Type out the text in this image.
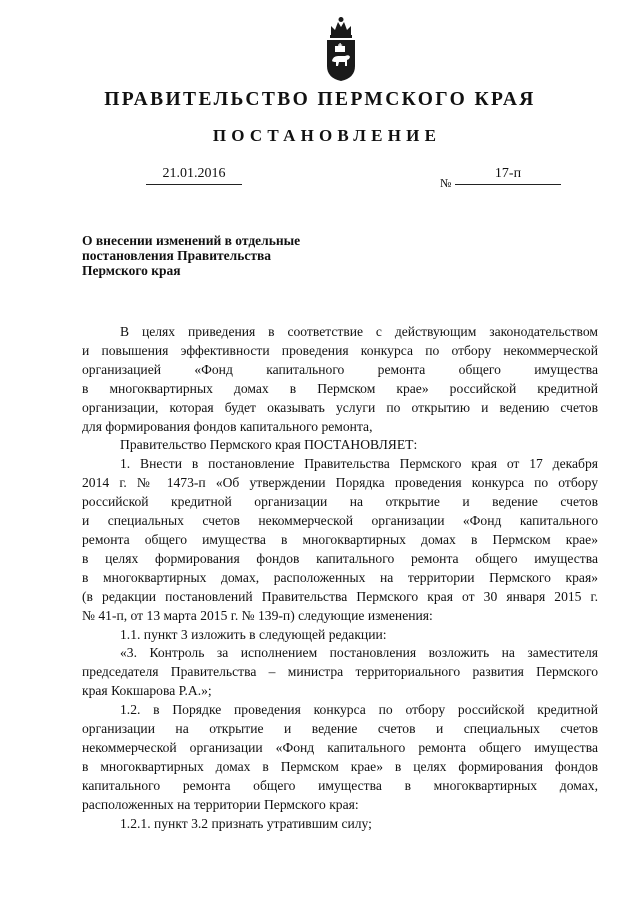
ПРАВИТЕЛЬСТВО ПЕРМСКОГО КРАЯ
ПОСТАНОВЛЕНИЕ
21.01.2016
№
17-п
О внесении изменений в отдельные
постановления Правительства
Пермского края
В целях приведения в соответствие с действующим законодательством
и повышения эффективности проведения конкурса по отбору некоммерческой
организацией «Фонд капитального ремонта общего имущества
в многоквартирных домах в Пермском крае» российской кредитной
организации, которая будет оказывать услуги по открытию и ведению счетов
для формирования фондов капитального ремонта,
Правительство Пермского края ПОСТАНОВЛЯЕТ:
1. Внести в постановление Правительства Пермского края от 17 декабря
2014 г. № 1473-п «Об утверждении Порядка проведения конкурса по отбору
российской кредитной организации на открытие и ведение счетов
и специальных счетов некоммерческой организации «Фонд капитального
ремонта общего имущества в многоквартирных домах в Пермском крае»
в целях формирования фондов капитального ремонта общего имущества
в многоквартирных домах, расположенных на территории Пермского края»
(в редакции постановлений Правительства Пермского края от 30 января 2015 г.
№ 41-п, от 13 марта 2015 г. № 139-п) следующие изменения:
1.1. пункт 3 изложить в следующей редакции:
«3. Контроль за исполнением постановления возложить на заместителя
председателя Правительства – министра территориального развития Пермского
края Кокшарова Р.А.»;
1.2. в Порядке проведения конкурса по отбору российской кредитной
организации на открытие и ведение счетов и специальных счетов
некоммерческой организации «Фонд капитального ремонта общего имущества
в многоквартирных домах в Пермском крае» в целях формирования фондов
капитального ремонта общего имущества в многоквартирных домах,
расположенных на территории Пермского края:
1.2.1. пункт 3.2 признать утратившим силу;
